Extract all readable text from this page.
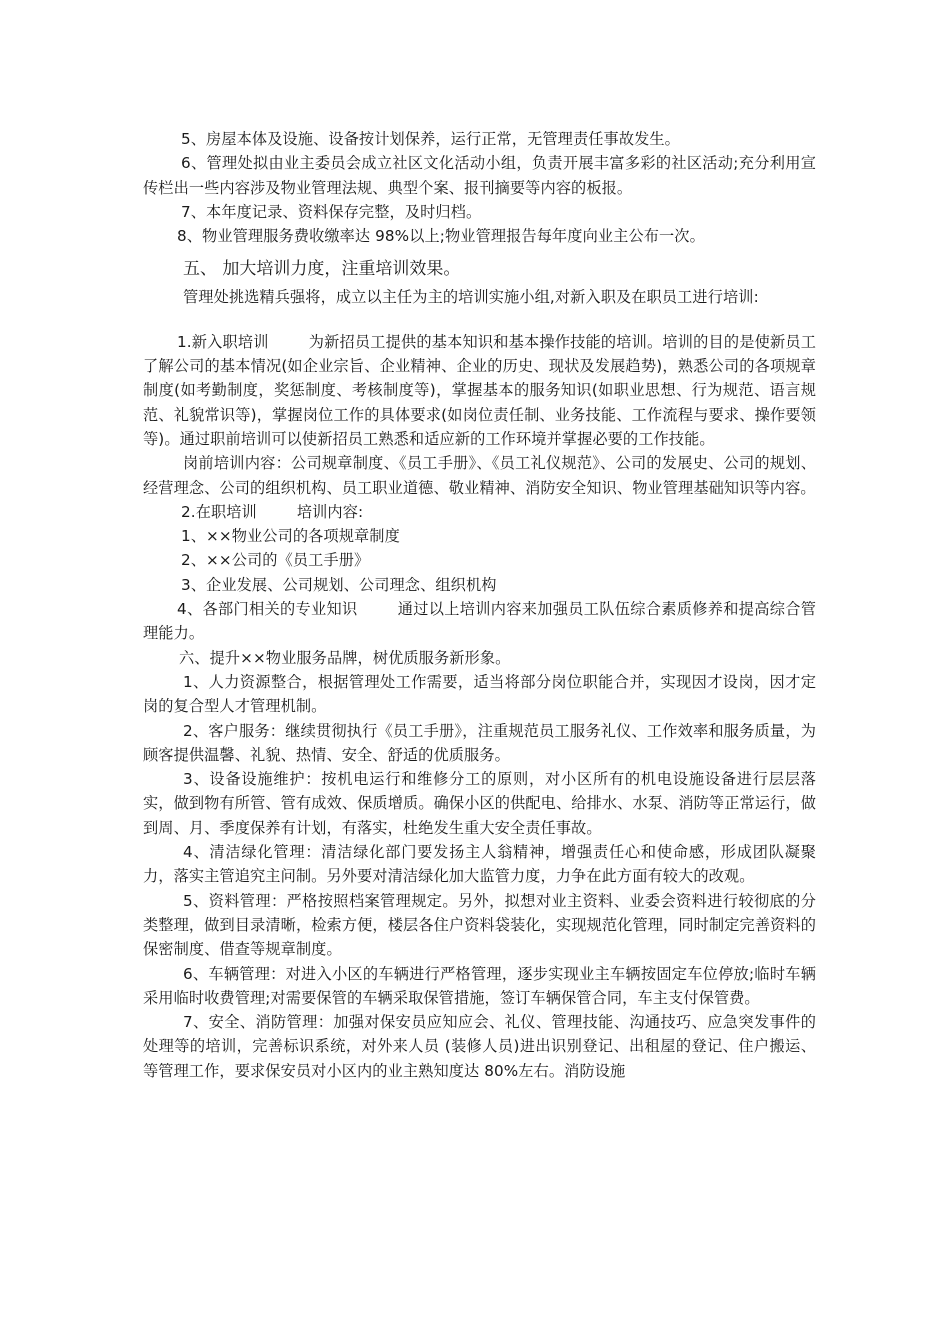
5、房屋本体及设施、设备按计划保养，运行正常，无管理责任事故发生。

6、管理处拟由业主委员会成立社区文化活动小组，负责开展丰富多彩的社区活动;充分利用宣传栏出一些内容涉及物业管理法规、典型个案、报刊摘要等内容的板报。

7、本年度记录、资料保存完整，及时归档。

8、物业管理服务费收缴率达 98%以上;物业管理报告每年度向业主公布一次。

五、 加大培训力度，注重培训效果。

管理处挑选精兵强将，成立以主任为主的培训实施小组,对新入职及在职员工进行培训:

1.新入职培训	为新招员工提供的基本知识和基本操作技能的培训。培训的目的是使新员工了解公司的基本情况(如企业宗旨、企业精神、企业的历史、现状及发展趋势)，熟悉公司的各项规章制度(如考勤制度，奖惩制度、考核制度等)，掌握基本的服务知识(如职业思想、行为规范、语言规范、礼貌常识等)，掌握岗位工作的具体要求(如岗位责任制、业务技能、工作流程与要求、操作要领等)。通过职前培训可以使新招员工熟悉和适应新的工作环境并掌握必要的工作技能。

岗前培训内容：公司规章制度、《员工手册》、《员工礼仪规范》、公司的发展史、公司的规划、经营理念、公司的组织机构、员工职业道德、敬业精神、消防安全知识、物业管理基础知识等内容。

2.在职培训	培训内容:

1、××物业公司的各项规章制度

2、××公司的《员工手册》

3、企业发展、公司规划、公司理念、组织机构

4、各部门相关的专业知识	通过以上培训内容来加强员工队伍综合素质修养和提高综合管理能力。

六、提升××物业服务品牌，树优质服务新形象。

1、人力资源整合，根据管理处工作需要，适当将部分岗位职能合并，实现因才设岗，因才定岗的复合型人才管理机制。

2、客户服务：继续贯彻执行《员工手册》，注重规范员工服务礼仪、工作效率和服务质量，为顾客提供温馨、礼貌、热情、安全、舒适的优质服务。

3、设备设施维护：按机电运行和维修分工的原则，对小区所有的机电设施设备进行层层落实，做到物有所管、管有成效、保质增质。确保小区的供配电、给排水、水泵、消防等正常运行，做到周、月、季度保养有计划，有落实，杜绝发生重大安全责任事故。

4、清洁绿化管理：清洁绿化部门要发扬主人翁精神，增强责任心和使命感，形成团队凝聚力，落实主管追究主问制。另外要对清洁绿化加大监管力度，力争在此方面有较大的改观。

5、资料管理：严格按照档案管理规定。另外，拟想对业主资料、业委会资料进行较彻底的分类整理，做到目录清晰，检索方便，楼层各住户资料袋装化，实现规范化管理，同时制定完善资料的保密制度、借查等规章制度。

6、车辆管理：对进入小区的车辆进行严格管理，逐步实现业主车辆按固定车位停放;临时车辆采用临时收费管理;对需要保管的车辆采取保管措施，签订车辆保管合同，车主支付保管费。

7、安全、消防管理：加强对保安员应知应会、礼仪、管理技能、沟通技巧、应急突发事件的处理等的培训，完善标识系统，对外来人员 (装修人员)进出识别登记、出租屋的登记、住户搬运、等管理工作，要求保安员对小区内的业主熟知度达 80%左右。消防设施
